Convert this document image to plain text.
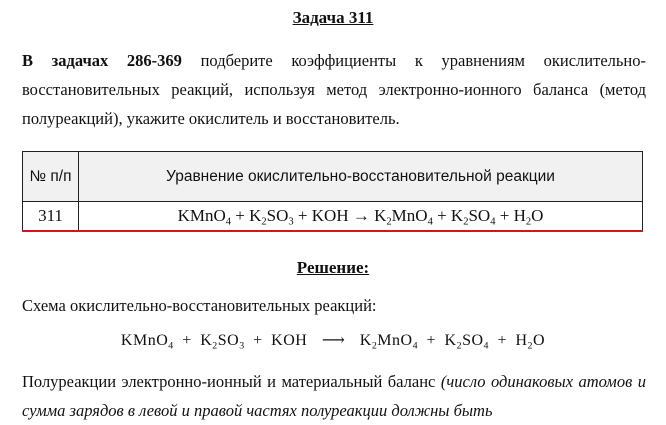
Задача 311
В задачах 286-369 подберите коэффициенты к уравнениям окислительно-восстановительных реакций, используя метод электронно-ионного баланса (метод полуреакций), укажите окислитель и восстановитель.
№ п/п	Уравнение окислительно-восстановительной реакции
311	KMnO$_4$ + $K_2SO_3$ + KOH → $K_2MnO_4 + K_2SO_4 + H_2O$
Решение:
Схема окислительно-восстановительных реакций:
KMnO$_4$ + $K_2SO_3$ + KOH ⟶ $K_2MnO_4 + K_2SO_4 + H_2O$
Полуреакции электронно-ионный и материальный баланс (число одинаковых атомов и сумма зарядов в левой и правой частях полуреакции должны быть
